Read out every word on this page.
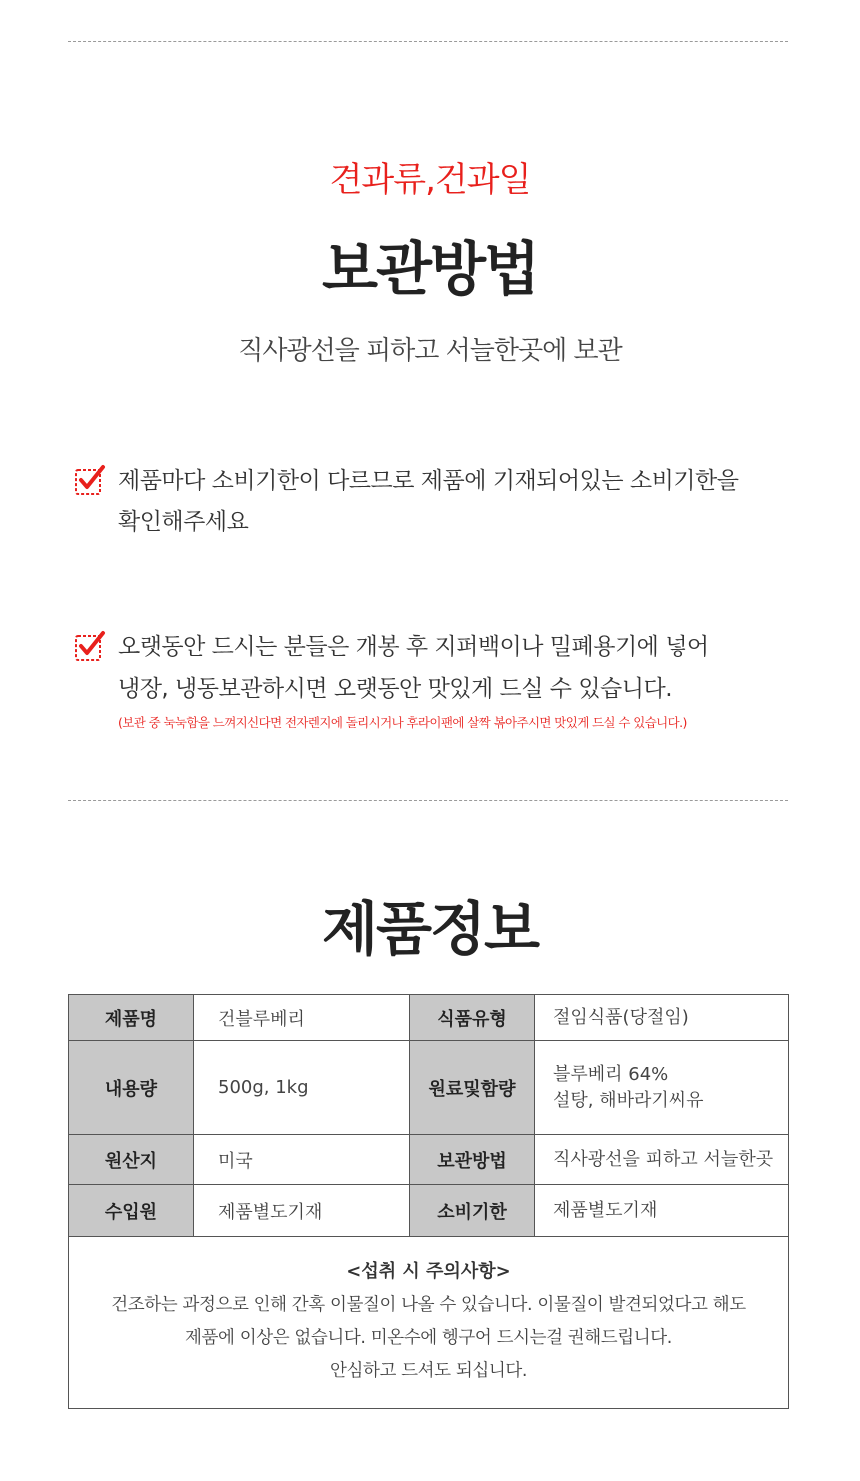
견과류,건과일
보관방법
직사광선을 피하고 서늘한곳에 보관
제품마다 소비기한이 다르므로 제품에 기재되어있는 소비기한을
확인해주세요
오랫동안 드시는 분들은 개봉 후 지퍼백이나 밀폐용기에 넣어
냉장, 냉동보관하시면 오랫동안 맛있게 드실 수 있습니다.
(보관 중 눅눅함을 느껴지신다면 전자렌지에 돌리시거나 후라이팬에 살짝 볶아주시면 맛있게 드실 수 있습니다.)
제품정보
제품명	건블루베리	식품유형	절임식품(당절임)

내용량	500g, 1kg	원료및함량	블루베리 64%
설탕, 해바라기씨유

원산지	미국	보관방법	직사광선을 피하고 서늘한곳

수입원	제품별도기재	소비기한	제품별도기재

<섭취 시 주의사항>
건조하는 과정으로 인해 간혹 이물질이 나올 수 있습니다. 이물질이 발견되었다고 해도
제품에 이상은 없습니다. 미온수에 헹구어 드시는걸 권해드립니다.
안심하고 드셔도 되십니다.			
